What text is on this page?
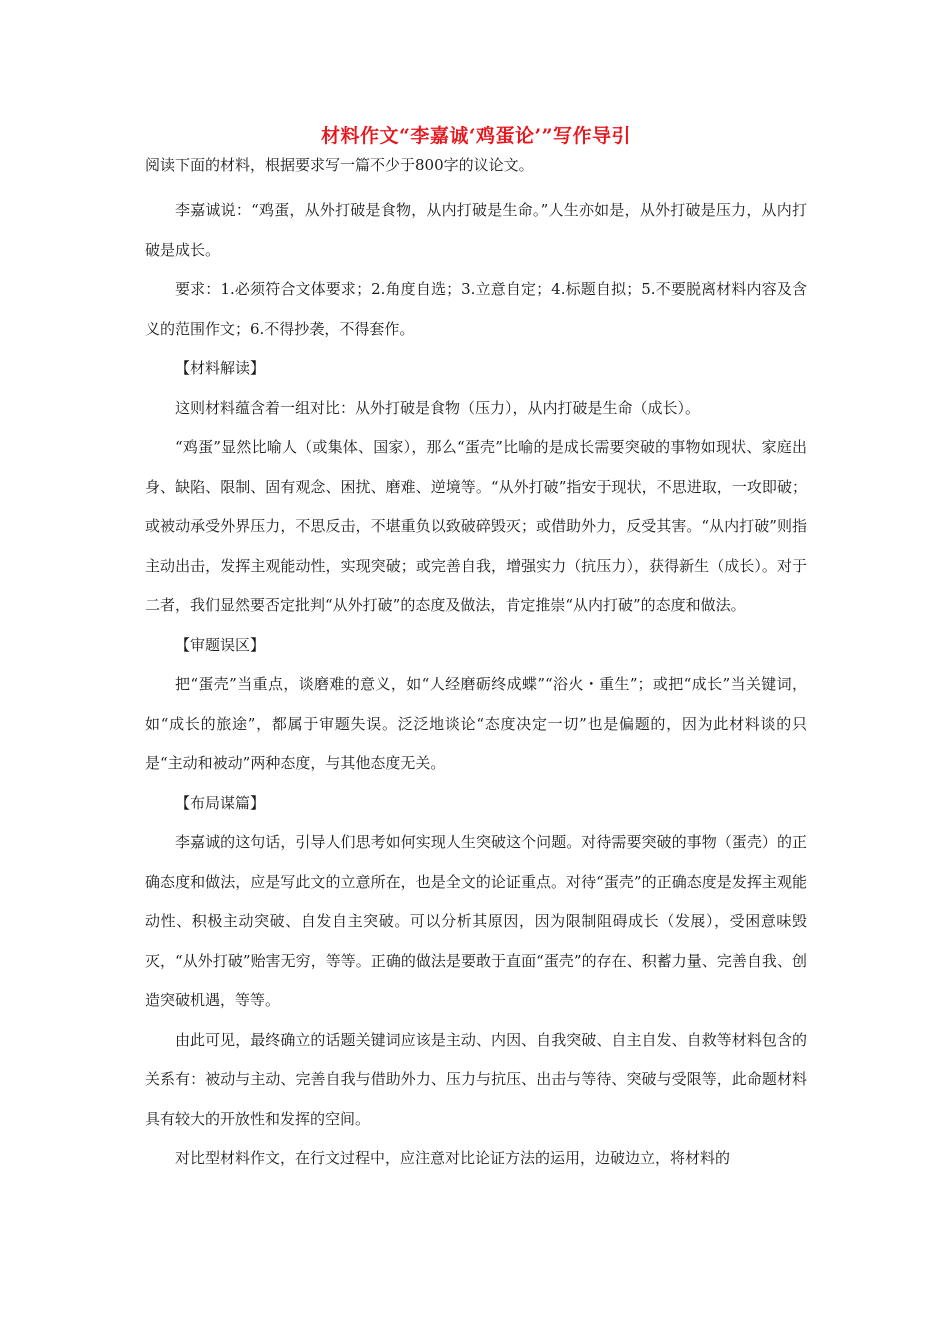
材料作文“李嘉诚‘鸡蛋论’”写作导引

阅读下面的材料，根据要求写一篇不少于800字的议论文。

李嘉诚说：“鸡蛋，从外打破是食物，从内打破是生命。”人生亦如是，从外打破是压力，从内打破是成长。

要求：1.必须符合文体要求；2.角度自选；3.立意自定；4.标题自拟；5.不要脱离材料内容及含义的范围作文；6.不得抄袭，不得套作。

【材料解读】

这则材料蕴含着一组对比：从外打破是食物（压力），从内打破是生命（成长）。

“鸡蛋”显然比喻人（或集体、国家），那么“蛋壳”比喻的是成长需要突破的事物如现状、家庭出身、缺陷、限制、固有观念、困扰、磨难、逆境等。“从外打破”指安于现状，不思进取，一攻即破；或被动承受外界压力，不思反击，不堪重负以致破碎毁灭；或借助外力，反受其害。“从内打破”则指主动出击，发挥主观能动性，实现突破；或完善自我，增强实力（抗压力），获得新生（成长）。对于二者，我们显然要否定批判“从外打破”的态度及做法，肯定推崇“从内打破”的态度和做法。

【审题误区】

把“蛋壳”当重点，谈磨难的意义，如“人经磨砺终成蝶”“浴火・重生”；或把“成长”当关键词，如“成长的旅途”，都属于审题失误。泛泛地谈论“态度决定一切”也是偏题的，因为此材料谈的只是“主动和被动”两种态度，与其他态度无关。

【布局谋篇】

李嘉诚的这句话，引导人们思考如何实现人生突破这个问题。对待需要突破的事物（蛋壳）的正确态度和做法，应是写此文的立意所在，也是全文的论证重点。对待“蛋壳”的正确态度是发挥主观能动性、积极主动突破、自发自主突破。可以分析其原因，因为限制阻碍成长（发展），受困意味毁灭，“从外打破”贻害无穷，等等。正确的做法是要敢于直面“蛋壳”的存在、积蓄力量、完善自我、创造突破机遇，等等。

由此可见，最终确立的话题关键词应该是主动、内因、自我突破、自主自发、自救等材料包含的关系有：被动与主动、完善自我与借助外力、压力与抗压、出击与等待、突破与受限等，此命题材料具有较大的开放性和发挥的空间。

对比型材料作文，在行文过程中，应注意对比论证方法的运用，边破边立，将材料的
